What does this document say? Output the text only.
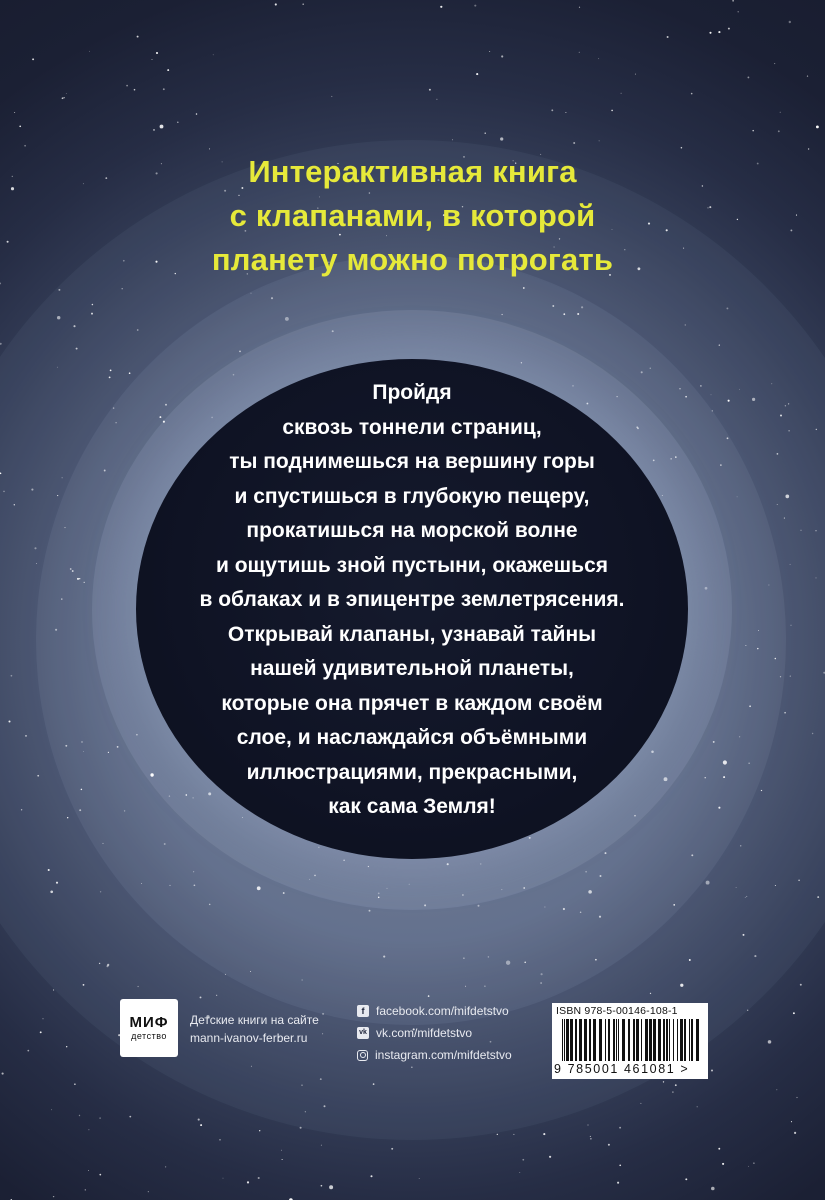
Интерактивная книга
с клапанами, в которой
планету можно потрогать
Пройдя
сквозь тоннели страниц,
ты поднимешься на вершину горы
и спустишься в глубокую пещеру,
прокатишься на морской волне
и ощутишь зной пустыни, окажешься
в облаках и в эпицентре землетрясения.
Открывай клапаны, узнавай тайны
нашей удивительной планеты,
которые она прячет в каждом своём
слое, и наслаждайся объёмными
иллюстрациями, прекрасными,
как сама Земля!
МИФ
детство
Детские книги на сайте
mann-ivanov-ferber.ru
f facebook.com/mifdetstvo
vk vk.com/mifdetstvo
instagram.com/mifdetstvo
ISBN 978-5-00146-108-1
9 785001 461081 >
